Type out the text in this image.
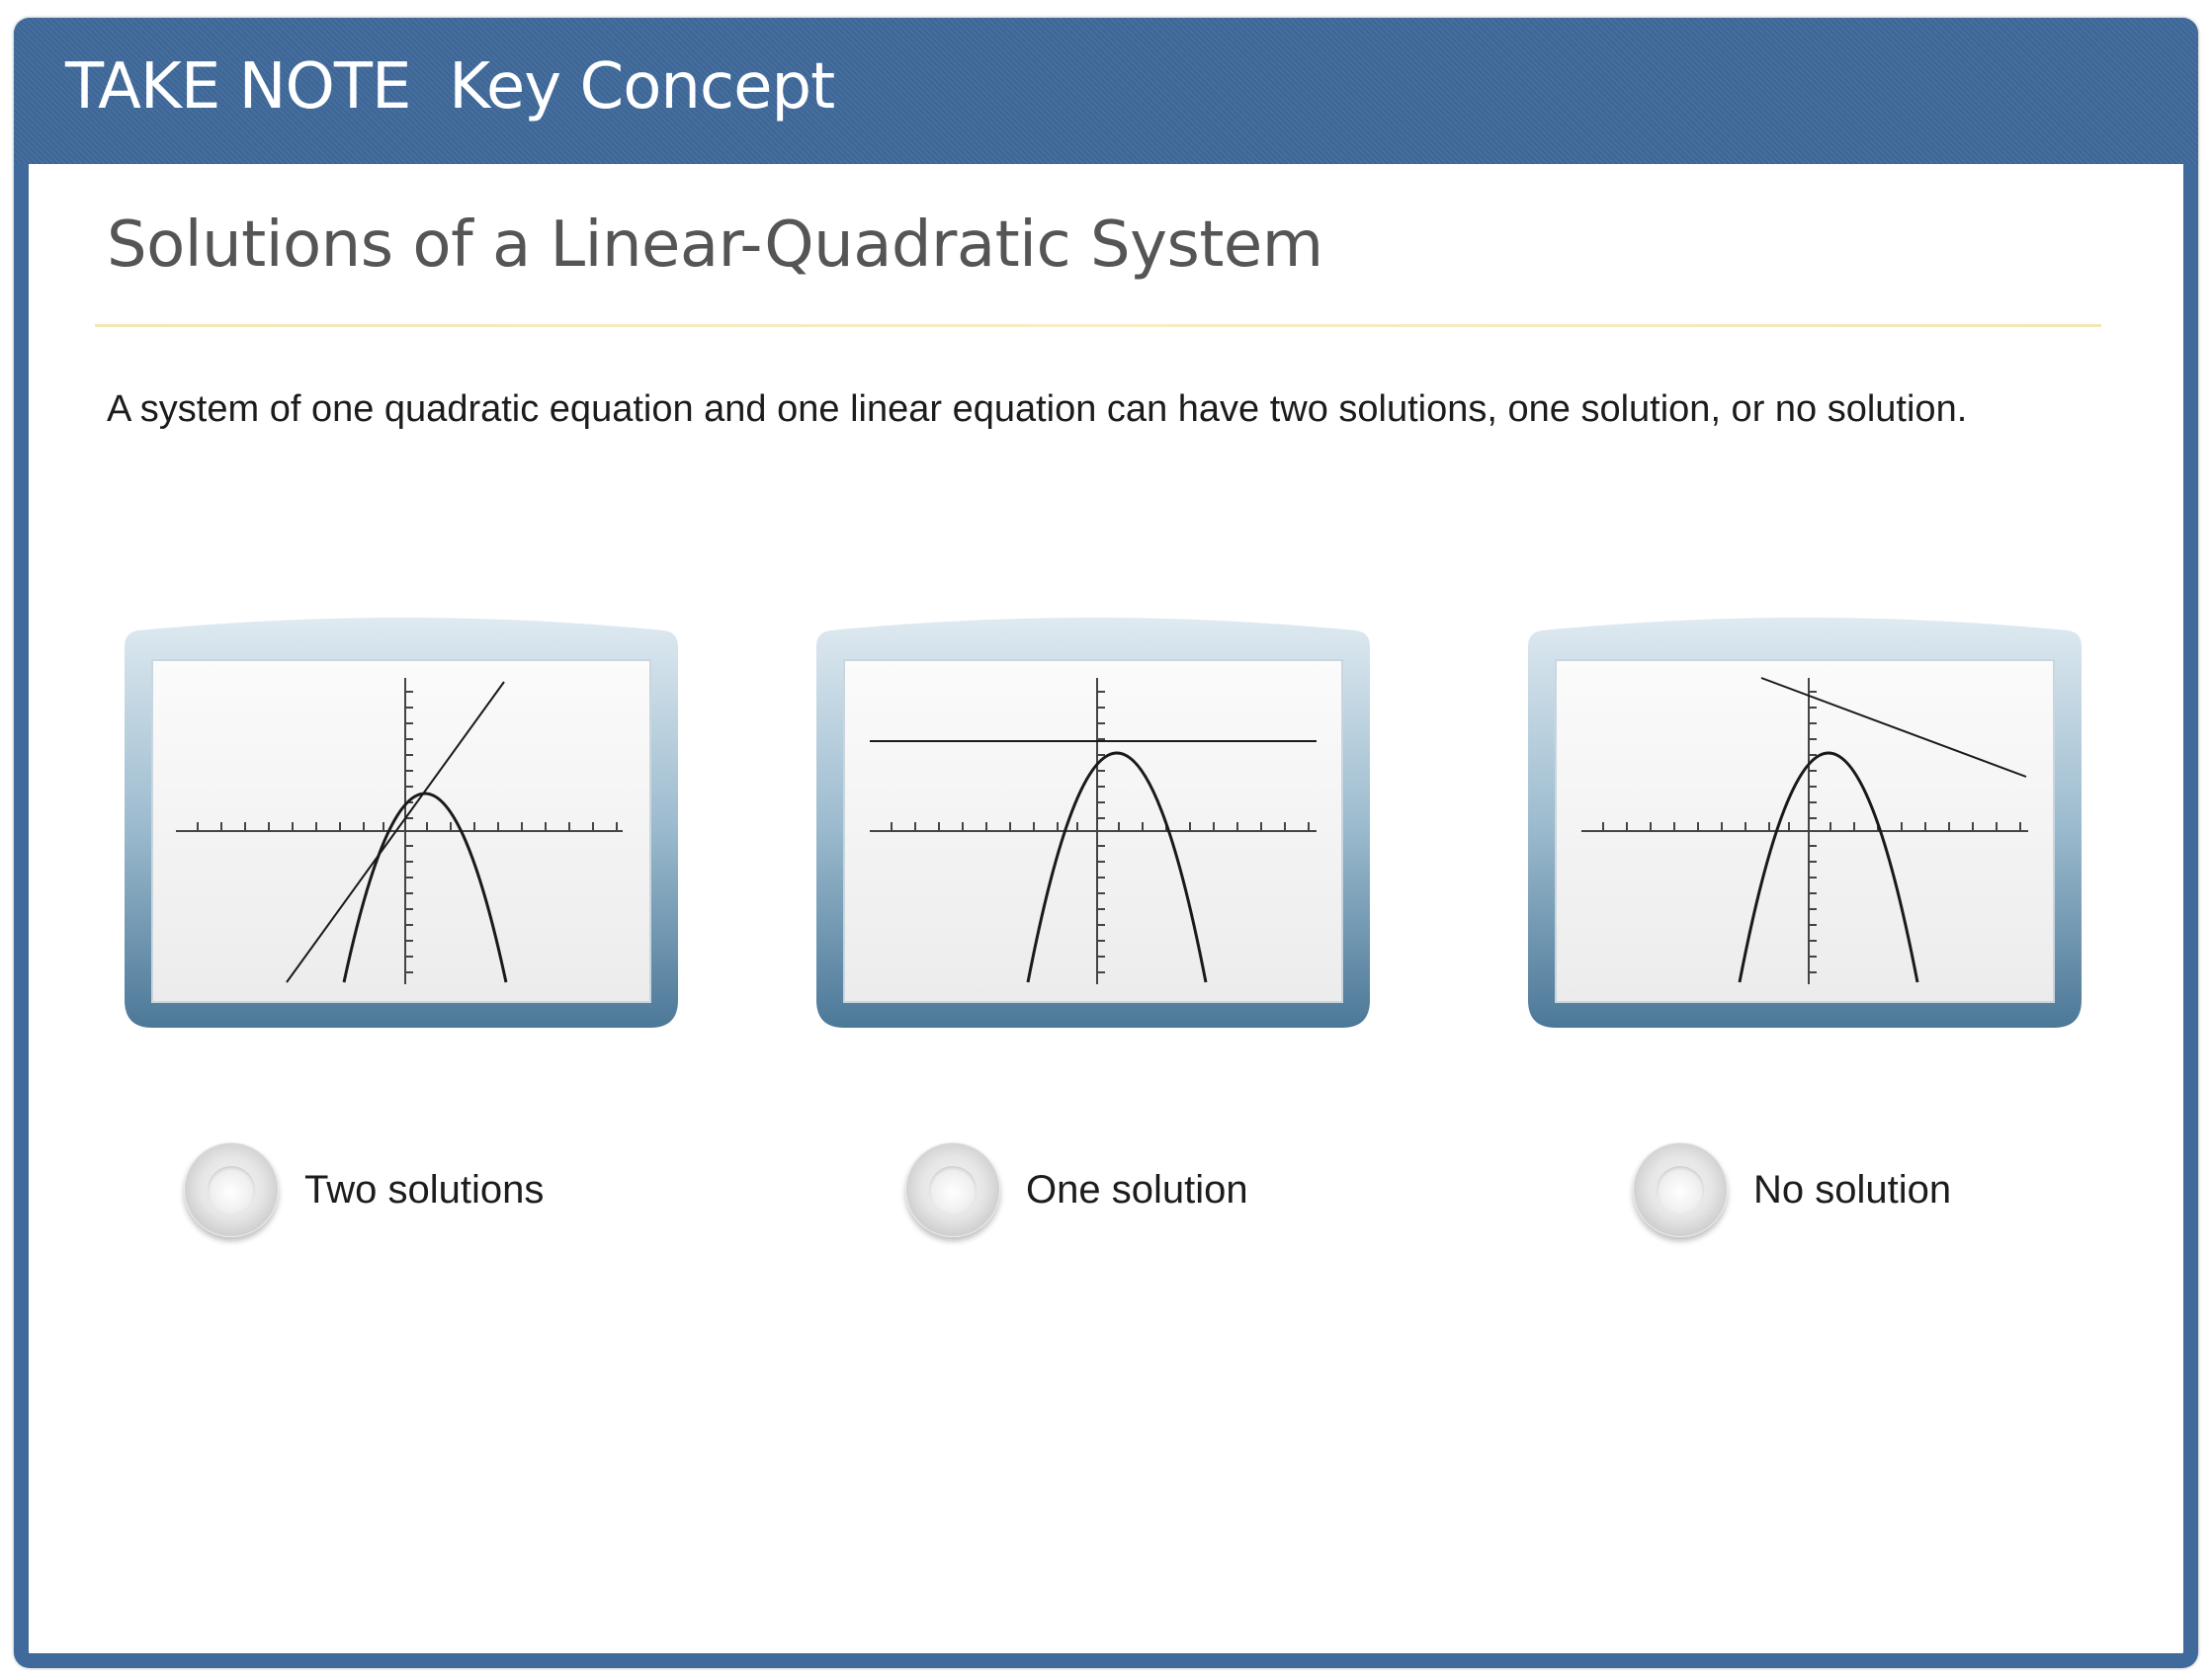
TAKE NOTE  Key Concept
Solutions of a Linear-Quadratic System
A system of one quadratic equation and one linear equation can have two solutions, one solution, or no solution.
Two solutions	One solution	No solution
